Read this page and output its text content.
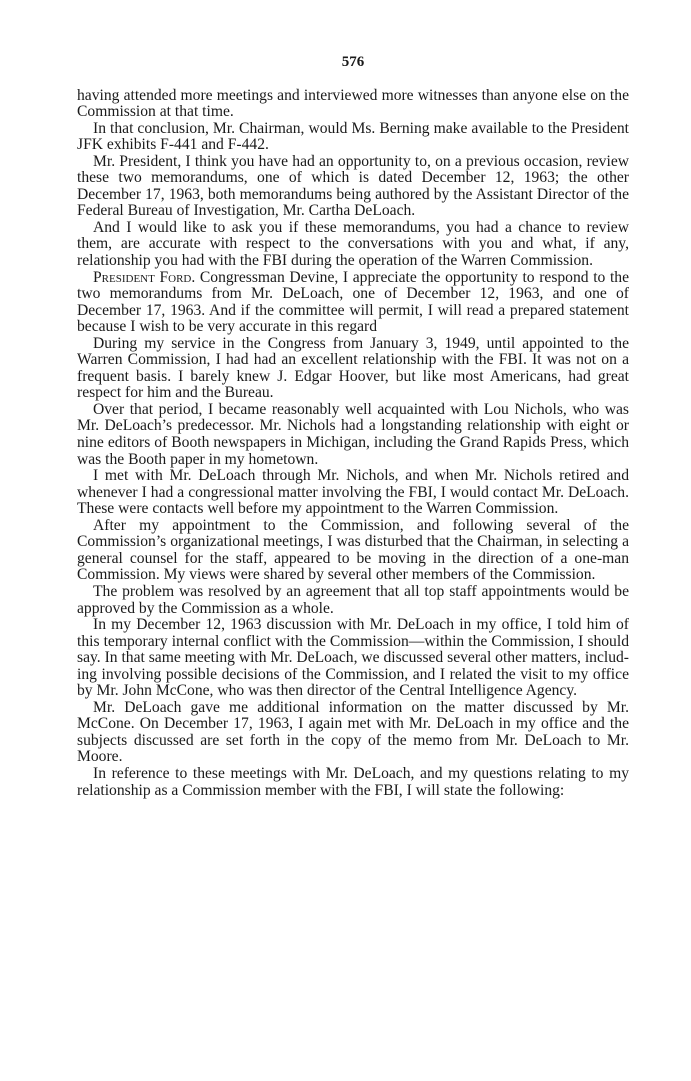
576

having attended more meetings and interviewed more witnesses than anyone else on the Commission at that time.

In that conclusion, Mr. Chairman, would Ms. Berning make available to the President JFK exhibits F-441 and F-442.

Mr. President, I think you have had an opportunity to, on a previous occasion, review these two memorandums, one of which is dated December 12, 1963; the other December 17, 1963, both memorandums being authored by the Assistant Director of the Federal Bureau of Investigation, Mr. Cartha DeLoach.

And I would like to ask you if these memorandums, you had a chance to review them, are accurate with respect to the conversations with you and what, if any, relationship you had with the FBI during the operation of the Warren Commission.

President Ford. Congressman Devine, I appreciate the opportunity to respond to the two memorandums from Mr. DeLoach, one of December 12, 1963, and one of December 17, 1963. And if the committee will permit, I will read a prepared statement because I wish to be very accurate in this regard

During my service in the Congress from January 3, 1949, until appointed to the Warren Commission, I had had an excellent relationship with the FBI. It was not on a frequent basis. I barely knew J. Edgar Hoover, but like most Americans, had great respect for him and the Bureau.

Over that period, I became reasonably well acquainted with Lou Nichols, who was Mr. DeLoach’s predecessor. Mr. Nichols had a longstanding relationship with eight or nine editors of Booth newspapers in Michigan, including the Grand Rapids Press, which was the Booth paper in my hometown.

I met with Mr. DeLoach through Mr. Nichols, and when Mr. Nichols retired and whenever I had a congressional matter involving the FBI, I would contact Mr. DeLoach. These were contacts well before my appointment to the Warren Commission.

After my appointment to the Commission, and following several of the Commission’s organizational meetings, I was disturbed that the Chairman, in selecting a general counsel for the staff, appeared to be moving in the direction of a one-man Commission. My views were shared by several other members of the Commission.

The problem was resolved by an agreement that all top staff appointments would be approved by the Commission as a whole.

In my December 12, 1963 discussion with Mr. DeLoach in my office, I told him of this temporary internal conflict with the Commission—within the Commission, I should say. In that same meeting with Mr. DeLoach, we discussed several other matters, including involving possible decisions of the Commission, and I related the visit to my office by Mr. John McCone, who was then director of the Central Intelligence Agency.

Mr. DeLoach gave me additional information on the matter discussed by Mr. McCone. On December 17, 1963, I again met with Mr. DeLoach in my office and the subjects discussed are set forth in the copy of the memo from Mr. DeLoach to Mr. Moore.

In reference to these meetings with Mr. DeLoach, and my questions relating to my relationship as a Commission member with the FBI, I will state the following:
